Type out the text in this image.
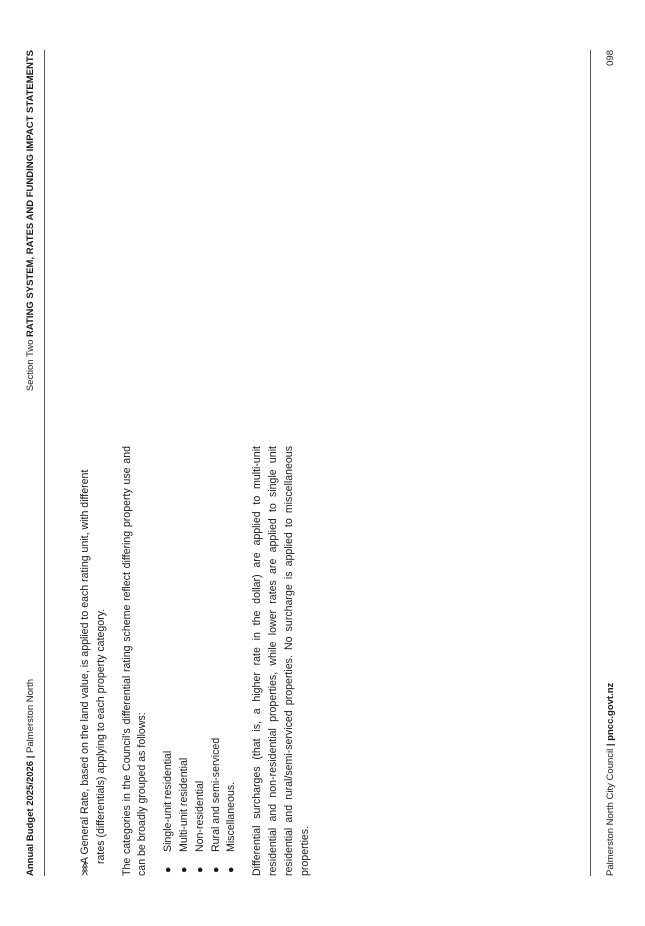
Annual Budget 2025/2026 | Palmerston North
Section Two RATING SYSTEM, RATES AND FUNDING IMPACT STATEMENTS
⋙

A General Rate, based on the land value, is applied to each rating unit, with different rates (differentials) applying to each property category. The categories in the Council’s differential rating scheme reflect differing property use and can be broadly grouped as follows: ●
Single-unit residential
●
Multi-unit residential
●
Non-residential
●
Rural and semi-serviced
●
Miscellaneous. Differential surcharges (that is, a higher rate in the dollar) are applied to multi-unit residential and non-residential properties, while lower rates are applied to single unit residential and rural/semi-serviced properties. No surcharge is applied to miscellaneous properties.	Palmerston North City Council | pncc.govt.nz
098
